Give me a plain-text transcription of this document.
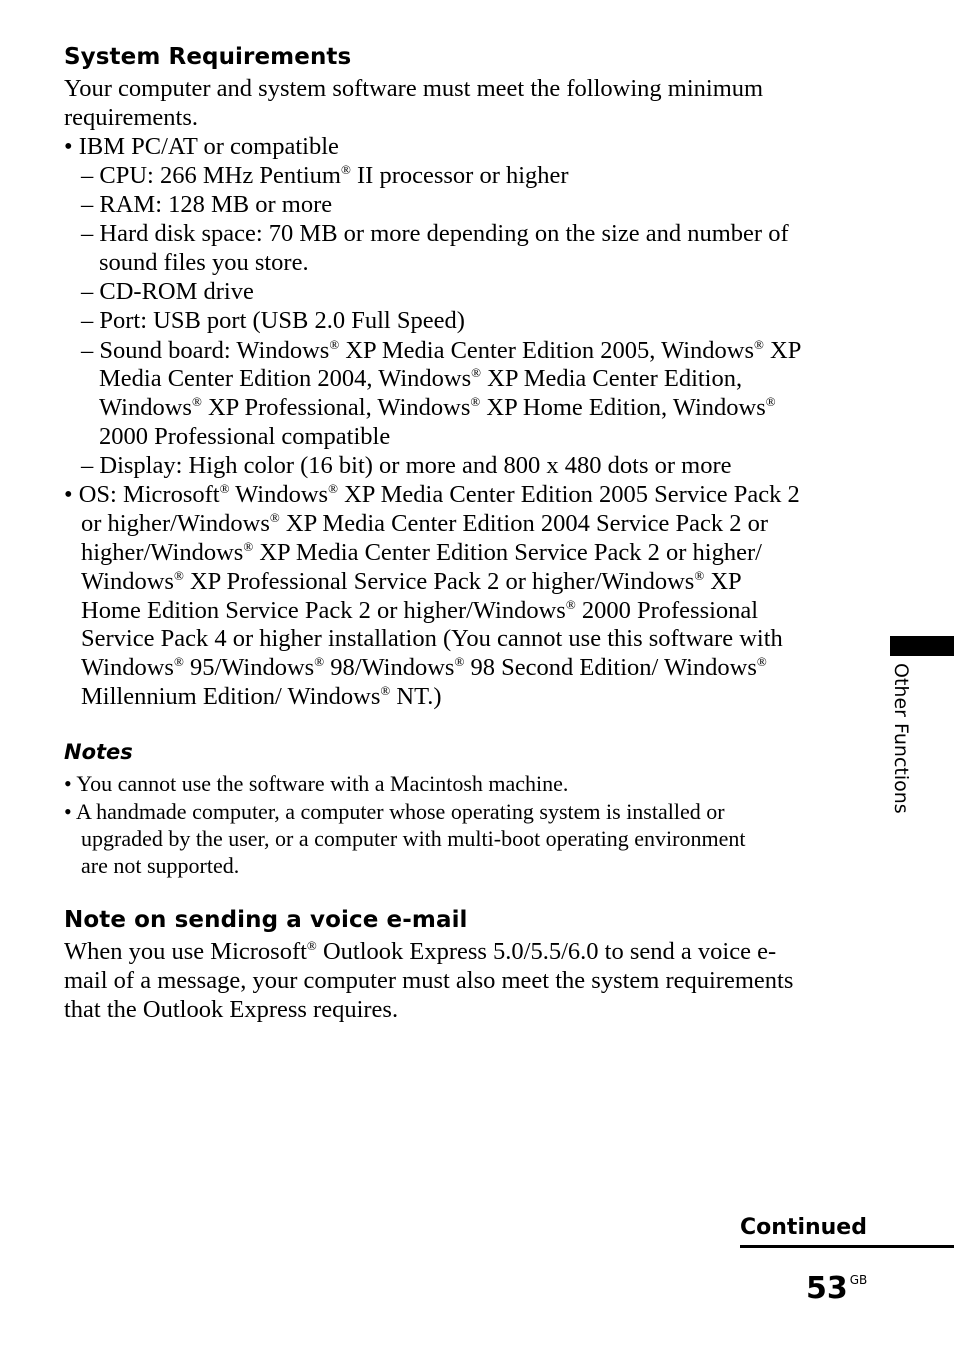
System Requirements
Your computer and system software must meet the following minimum
requirements.
• IBM PC/AT or compatible
– CPU: 266 MHz Pentium® II processor or higher
– RAM: 128 MB or more
– Hard disk space: 70 MB or more depending on the size and number of
sound files you store.
– CD-ROM drive
– Port: USB port (USB 2.0 Full Speed)
– Sound board: Windows® XP Media Center Edition 2005, Windows® XP
Media Center Edition 2004, Windows® XP Media Center Edition,
Windows® XP Professional, Windows® XP Home Edition, Windows®
2000 Professional compatible
– Display: High color (16 bit) or more and 800 x 480 dots or more
• OS: Microsoft® Windows® XP Media Center Edition 2005 Service Pack 2
or higher/Windows® XP Media Center Edition 2004 Service Pack 2 or
higher/Windows® XP Media Center Edition Service Pack 2 or higher/
Windows® XP Professional Service Pack 2 or higher/Windows® XP
Home Edition Service Pack 2 or higher/Windows® 2000 Professional
Service Pack 4 or higher installation (You cannot use this software with
Windows® 95/Windows® 98/Windows® 98 Second Edition/ Windows®
Millennium Edition/ Windows® NT.)
Notes
• You cannot use the software with a Macintosh machine.
• A handmade computer, a computer whose operating system is installed or
upgraded by the user, or a computer with multi-boot operating environment
are not supported.
Note on sending a voice e-mail
When you use Microsoft® Outlook Express 5.0/5.5/6.0 to send a voice e-
mail of a message, your computer must also meet the system requirements
that the Outlook Express requires.
Other Functions
Continued
53 $^{GB}$
